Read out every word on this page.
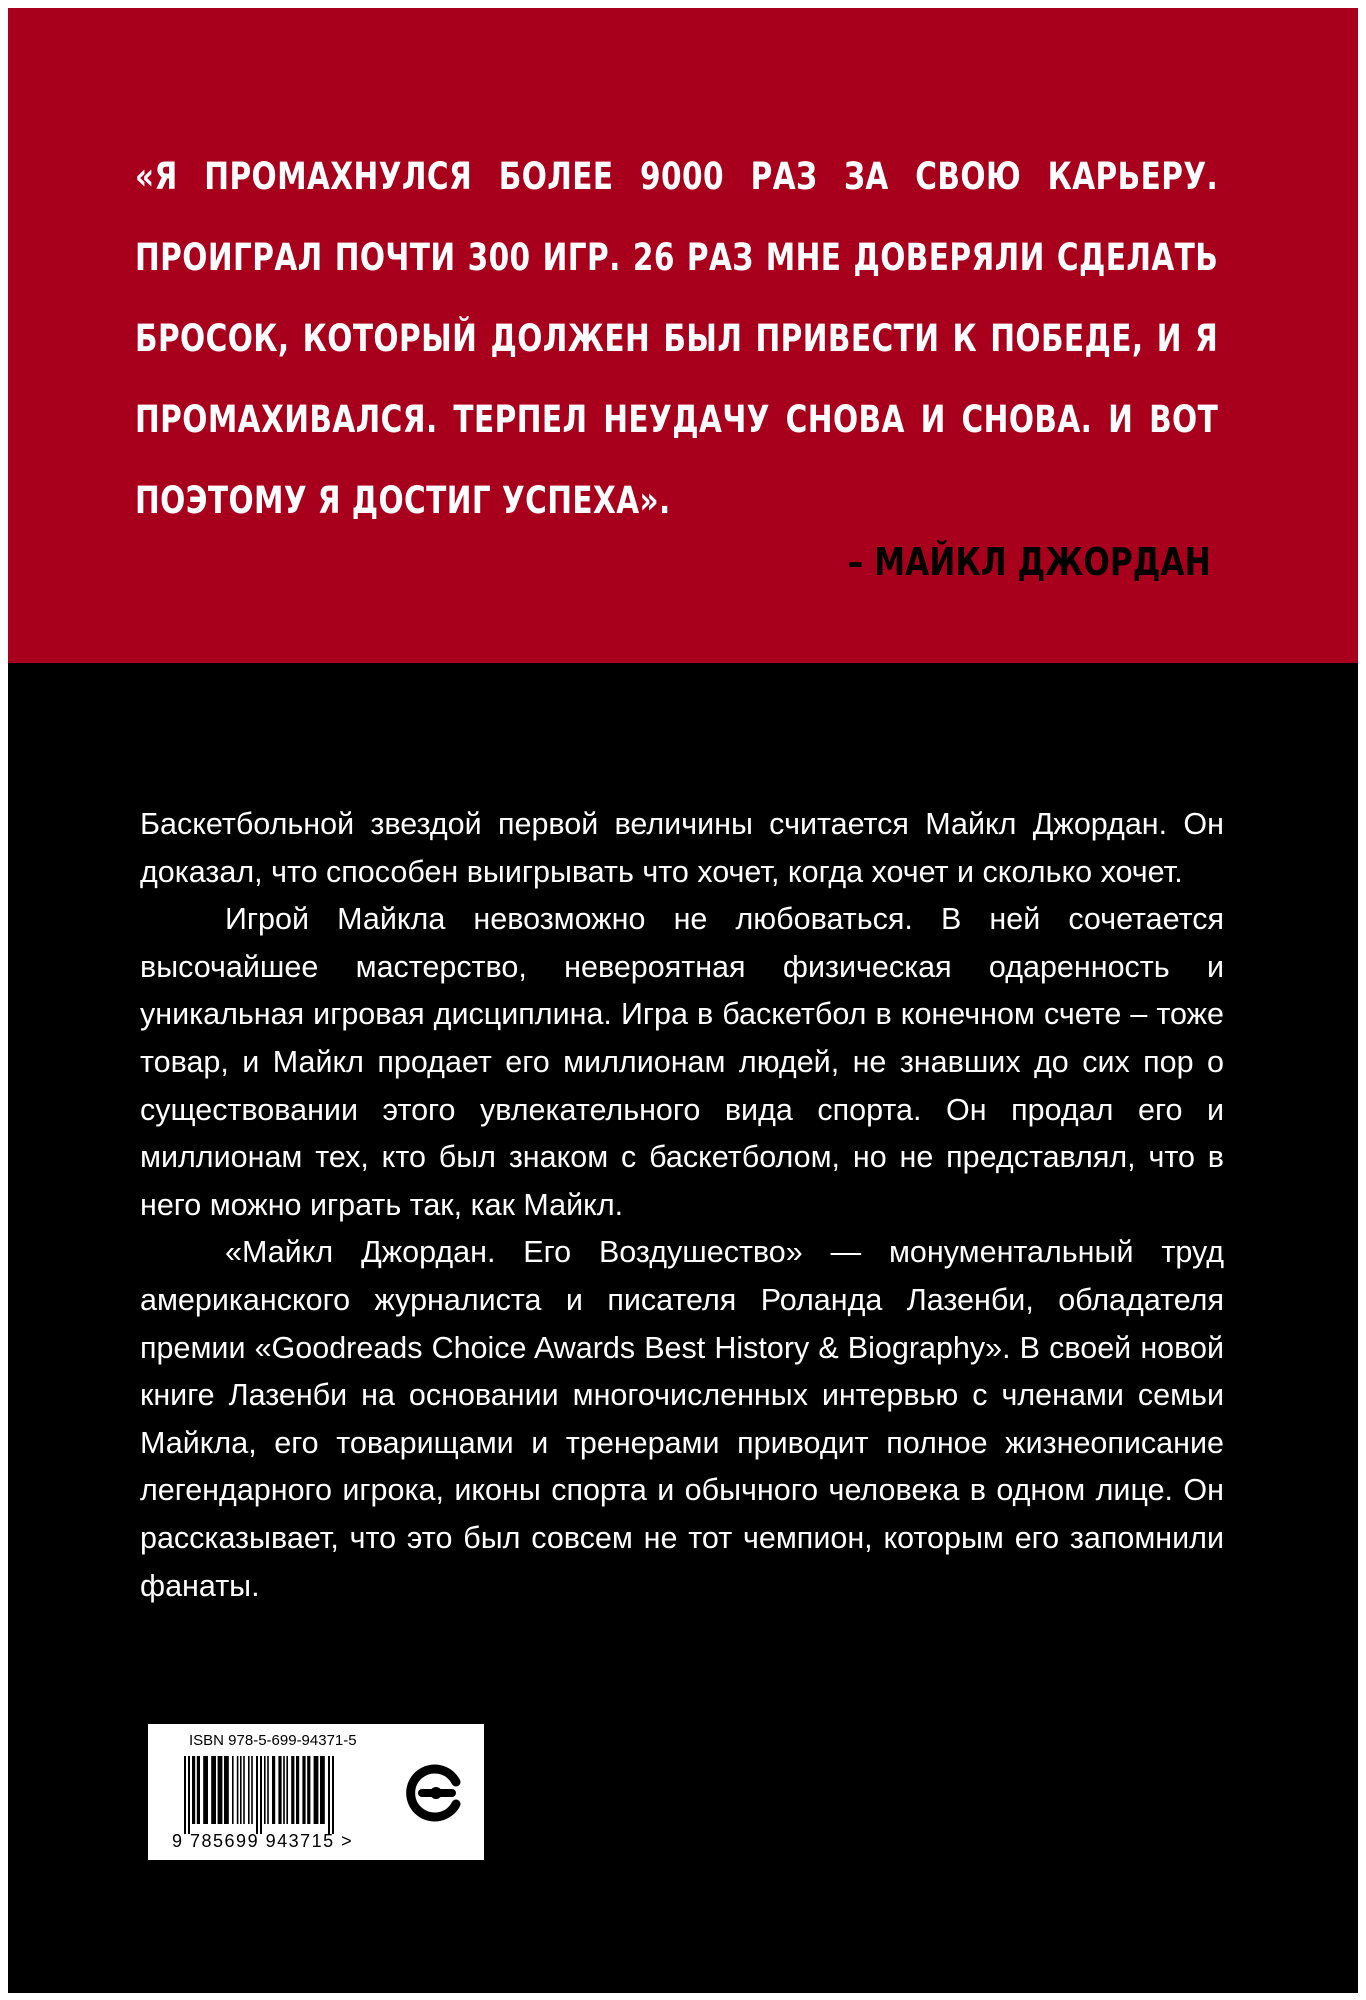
«Я ПРОМАХНУЛСЯ БОЛЕЕ 9000 РАЗ ЗА СВОЮ КАРЬЕРУ. ПРОИГРАЛ ПОЧТИ 300 ИГР. 26 РАЗ МНЕ ДОВЕРЯЛИ СДЕЛАТЬ БРОСОК, КОТОРЫЙ ДОЛЖЕН БЫЛ ПРИВЕСТИ К ПОБЕДЕ, И Я ПРОМАХИВАЛСЯ. ТЕРПЕЛ НЕУДАЧУ СНОВА И СНОВА. И ВОТ ПОЭТОМУ Я ДОСТИГ УСПЕХА».

– МАЙКЛ ДЖОРДАН

Баскетбольной звездой первой величины считается Майкл Джордан. Он доказал, что способен выигрывать что хочет, когда хочет и сколько хочет.

Игрой Майкла невозможно не любоваться. В ней сочетается высочайшее мастерство, невероятная физическая одаренность и уникальная игровая дисциплина. Игра в баскетбол в конечном счете – тоже товар, и Майкл продает его миллионам людей, не знавших до сих пор о существовании этого увлекательного вида спорта. Он продал его и миллионам тех, кто был знаком с баскетболом, но не представлял, что в него можно играть так, как Майкл.

«Майкл Джордан. Его Воздушество» — монументальный труд американского журналиста и писателя Роланда Лазенби, обладателя премии «Goodreads Choice Awards Best History & Biography». В своей новой книге Лазенби на основании многочисленных интервью с членами семьи Майкла, его товарищами и тренерами приводит полное жизнеописание легендарного игрока, иконы спорта и обычного человека в одном лице. Он рассказывает, что это был совсем не тот чемпион, которым его запомнили фанаты.

ISBN 978-5-699-94371-5
9 785699 943715 >
